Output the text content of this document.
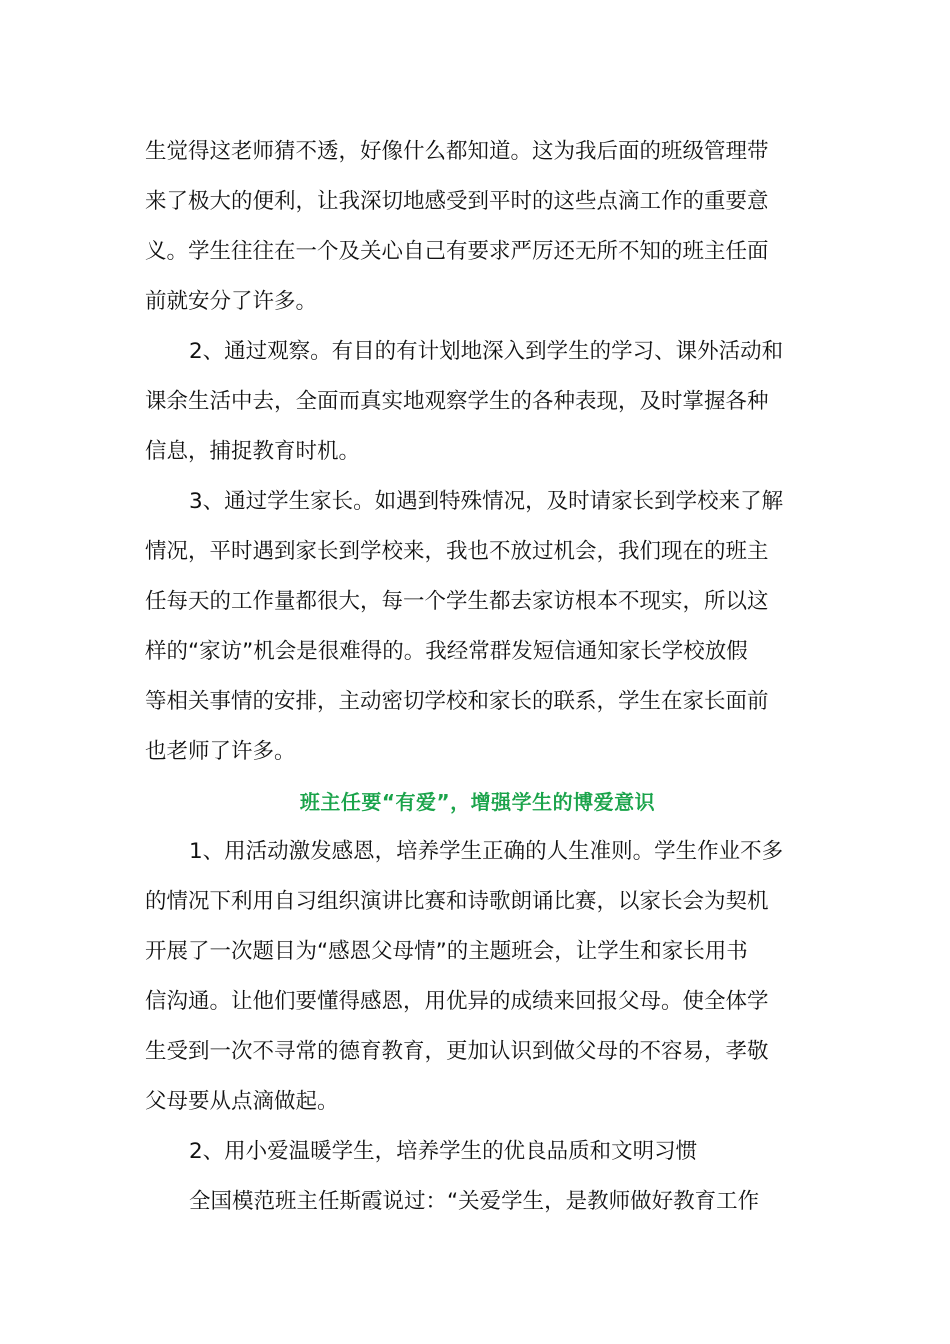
生觉得这老师猜不透，好像什么都知道。这为我后面的班级管理带
来了极大的便利，让我深切地感受到平时的这些点滴工作的重要意
义。学生往往在一个及关心自己有要求严厉还无所不知的班主任面
前就安分了许多。
2、通过观察。有目的有计划地深入到学生的学习、课外活动和
课余生活中去，全面而真实地观察学生的各种表现，及时掌握各种
信息，捕捉教育时机。
3、通过学生家长。如遇到特殊情况，及时请家长到学校来了解
情况，平时遇到家长到学校来，我也不放过机会，我们现在的班主
任每天的工作量都很大，每一个学生都去家访根本不现实，所以这
样的“家访”机会是很难得的。我经常群发短信通知家长学校放假
等相关事情的安排，主动密切学校和家长的联系，学生在家长面前
也老师了许多。
班主任要“有爱”，增强学生的博爱意识
1、用活动激发感恩，培养学生正确的人生准则。学生作业不多
的情况下利用自习组织演讲比赛和诗歌朗诵比赛，以家长会为契机
开展了一次题目为“感恩父母情”的主题班会，让学生和家长用书
信沟通。让他们要懂得感恩，用优异的成绩来回报父母。使全体学
生受到一次不寻常的德育教育，更加认识到做父母的不容易，孝敬
父母要从点滴做起。
2、用小爱温暖学生，培养学生的优良品质和文明习惯
全国模范班主任斯霞说过：“关爱学生，是教师做好教育工作
